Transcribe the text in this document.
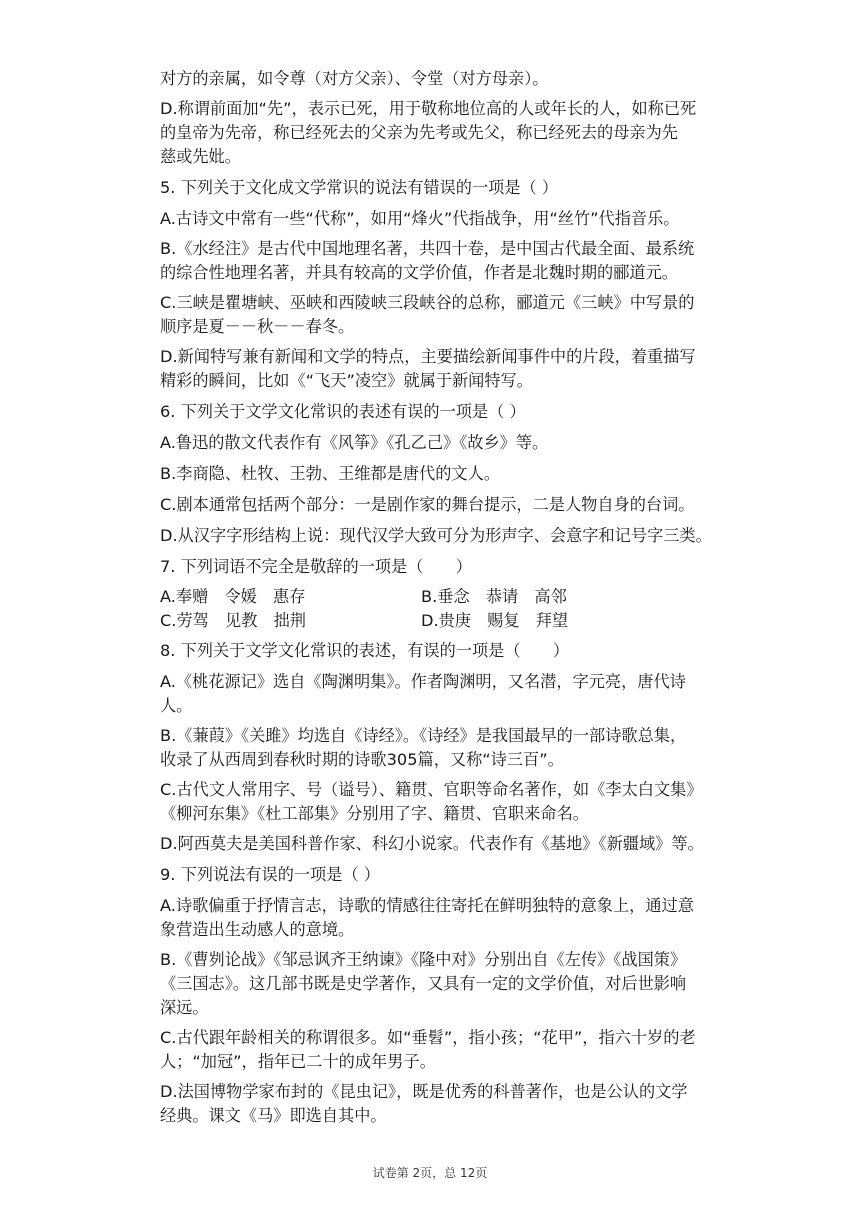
对方的亲属，如令尊（对方父亲）、令堂（对方母亲）。
D.称谓前面加“先”，表示已死，用于敬称地位高的人或年长的人，如称已死
的皇帝为先帝，称已经死去的父亲为先考或先父，称已经死去的母亲为先
慈或先妣。
5. 下列关于文化成文学常识的说法有错误的一项是（ ）
A.古诗文中常有一些“代称”，如用“烽火”代指战争，用“丝竹”代指音乐。
B.《水经注》是古代中国地理名著，共四十卷，是中国古代最全面、最系统
的综合性地理名著，并具有较高的文学价值，作者是北魏时期的郦道元。
C.三峡是瞿塘峡、巫峡和西陵峡三段峡谷的总称，郦道元《三峡》中写景的
顺序是夏－－秋－－春冬。
D.新闻特写兼有新闻和文学的特点，主要描绘新闻事件中的片段，着重描写
精彩的瞬间，比如《“飞天”凌空》就属于新闻特写。
6. 下列关于文学文化常识的表述有误的一项是（ ）
A.鲁迅的散文代表作有《风筝》《孔乙己》《故乡》等。
B.李商隐、杜牧、王勃、王维都是唐代的文人。
C.剧本通常包括两个部分：一是剧作家的舞台提示，二是人物自身的台词。
D.从汉字字形结构上说：现代汉学大致可分为形声字、会意字和记号字三类。
7. 下列词语不完全是敬辞的一项是（　　）
A.奉赠　令媛　惠存	B.垂念　恭请　高邻
C.劳驾　见教　拙荆	D.贵庚　赐复　拜望
8. 下列关于文学文化常识的表述，有误的一项是（　　）
A.《桃花源记》选自《陶渊明集》。作者陶渊明，又名潜，字元亮，唐代诗
人。
B.《蒹葭》《关雎》均选自《诗经》。《诗经》是我国最早的一部诗歌总集，
收录了从西周到春秋时期的诗歌305篇，又称“诗三百”。
C.古代文人常用字、号（谥号）、籍贯、官职等命名著作，如《李太白文集》
《柳河东集》《杜工部集》分别用了字、籍贯、官职来命名。
D.阿西莫夫是美国科普作家、科幻小说家。代表作有《基地》《新疆域》等。
9. 下列说法有误的一项是（ ）
A.诗歌偏重于抒情言志，诗歌的情感往往寄托在鲜明独特的意象上，通过意
象营造出生动感人的意境。
B.《曹刿论战》《邹忌讽齐王纳谏》《隆中对》分别出自《左传》《战国策》
《三国志》。这几部书既是史学著作，又具有一定的文学价值，对后世影响
深远。
C.古代跟年龄相关的称谓很多。如“垂髫”，指小孩；“花甲”，指六十岁的老
人；“加冠”，指年已二十的成年男子。
D.法国博物学家布封的《昆虫记》，既是优秀的科普著作，也是公认的文学
经典。课文《马》即选自其中。
试卷第 2页，总 12页
